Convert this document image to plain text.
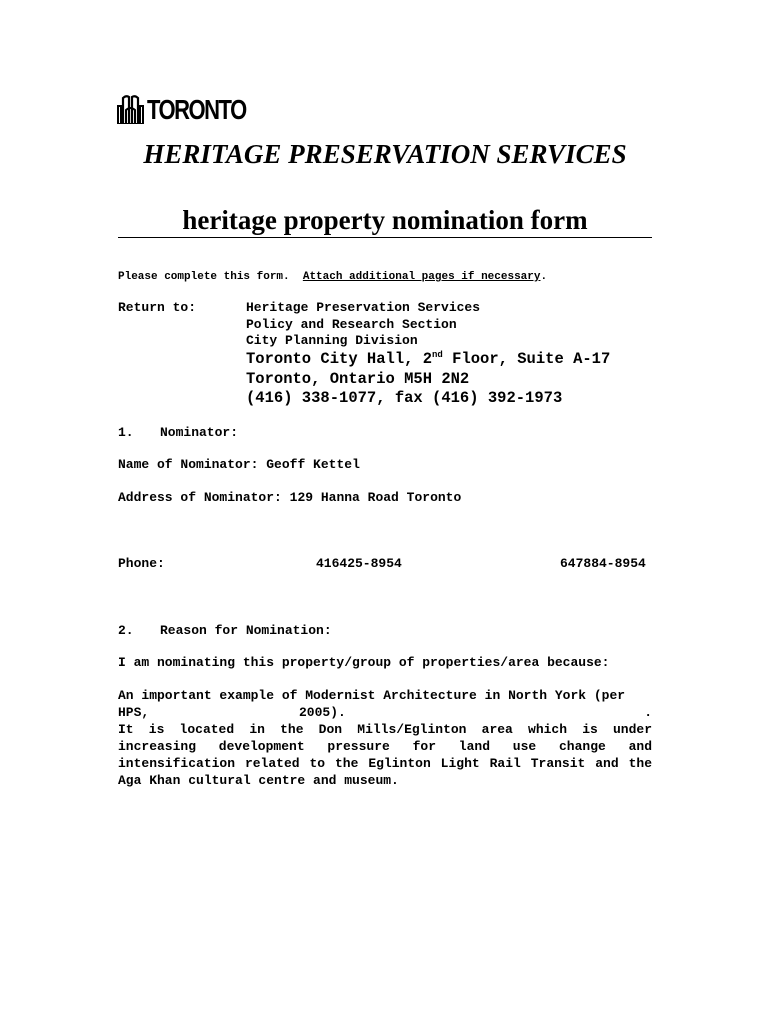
TORONTO
HERITAGE PRESERVATION SERVICES
heritage property nomination form
Please complete this form. Attach additional pages if necessary.
Return to:	Heritage Preservation Services
Policy and Research Section
City Planning Division
Toronto City Hall, 2nd Floor, Suite A-17
Toronto, Ontario M5H 2N2
(416) 338-1077, fax (416) 392-1973
1. Nominator:
Name of Nominator: Geoff Kettel
Address of Nominator: 129 Hanna Road Toronto
Phone:	416425-8954	647884-8954
2. Reason for Nomination:
I am nominating this property/group of properties/area because:
An important example of Modernist Architecture in North York (per
HPS,	2005).	.
It is located in the Don Mills/Eglinton area which is under increasing development pressure for land use change and intensification related to the Eglinton Light Rail Transit and the Aga Khan cultural centre and museum.
